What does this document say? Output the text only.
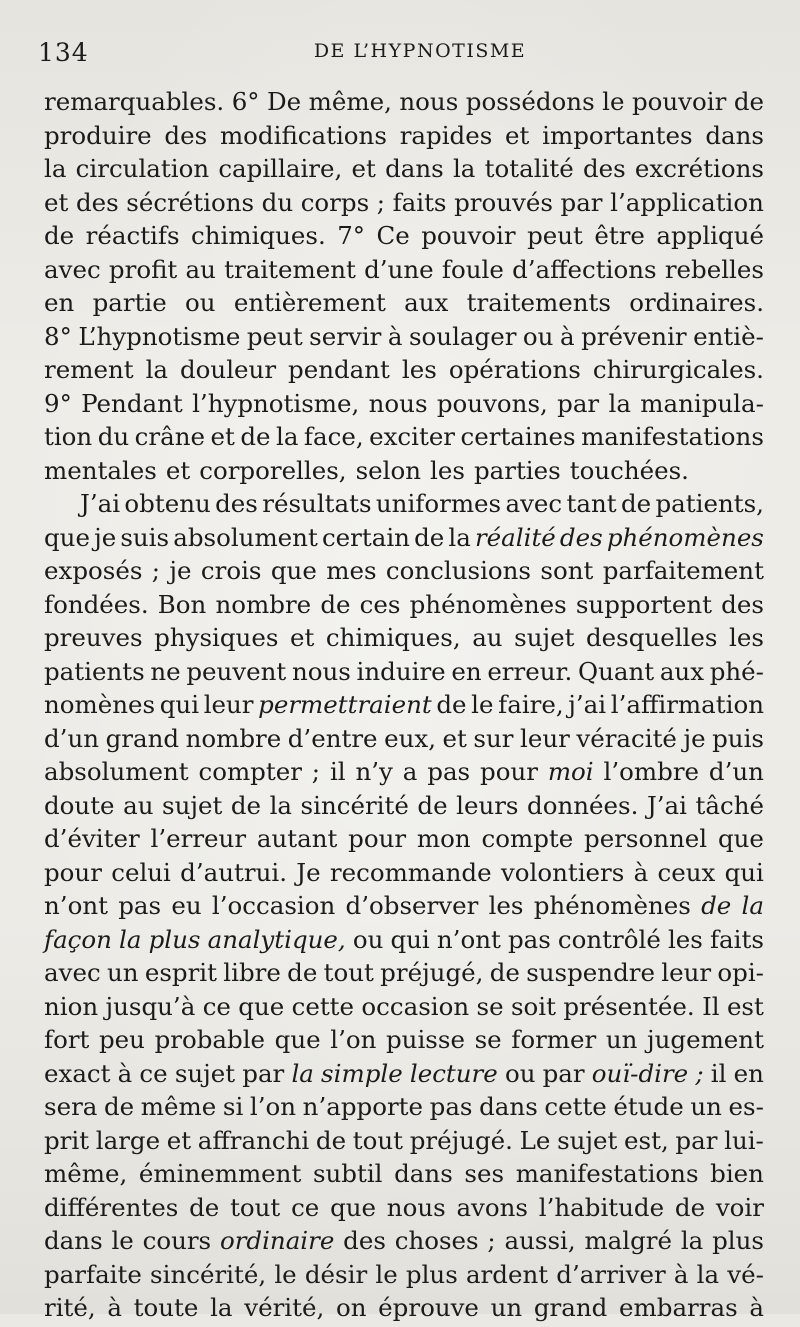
134	DE L’HYPNOTISME
remarquables. 6° De même, nous possédons le pouvoir de
produire des modifications rapides et importantes dans
la circulation capillaire, et dans la totalité des excrétions
et des sécrétions du corps ; faits prouvés par l’application
de réactifs chimiques. 7° Ce pouvoir peut être appliqué
avec profit au traitement d’une foule d’affections rebelles
en partie ou entièrement aux traitements ordinaires.
8° L’hypnotisme peut servir à soulager ou à prévenir entiè-
rement la douleur pendant les opérations chirurgicales.
9° Pendant l’hypnotisme, nous pouvons, par la manipula-
tion du crâne et de la face, exciter certaines manifestations
mentales et corporelles, selon les parties touchées.
J’ai obtenu des résultats uniformes avec tant de patients,
que je suis absolument certain de la réalité des phénomènes
exposés ; je crois que mes conclusions sont parfaitement
fondées. Bon nombre de ces phénomènes supportent des
preuves physiques et chimiques, au sujet desquelles les
patients ne peuvent nous induire en erreur. Quant aux phé-
nomènes qui leur permettraient de le faire, j’ai l’affirmation
d’un grand nombre d’entre eux, et sur leur véracité je puis
absolument compter ; il n’y a pas pour moi l’ombre d’un
doute au sujet de la sincérité de leurs données. J’ai tâché
d’éviter l’erreur autant pour mon compte personnel que
pour celui d’autrui. Je recommande volontiers à ceux qui
n’ont pas eu l’occasion d’observer les phénomènes de la
façon la plus analytique, ou qui n’ont pas contrôlé les faits
avec un esprit libre de tout préjugé, de suspendre leur opi-
nion jusqu’à ce que cette occasion se soit présentée. Il est
fort peu probable que l’on puisse se former un jugement
exact à ce sujet par la simple lecture ou par ouï-dire ; il en
sera de même si l’on n’apporte pas dans cette étude un es-
prit large et affranchi de tout préjugé. Le sujet est, par lui-
même, éminemment subtil dans ses manifestations bien
différentes de tout ce que nous avons l’habitude de voir
dans le cours ordinaire des choses ; aussi, malgré la plus
parfaite sincérité, le désir le plus ardent d’arriver à la vé-
rité, à toute la vérité, on éprouve un grand embarras à
